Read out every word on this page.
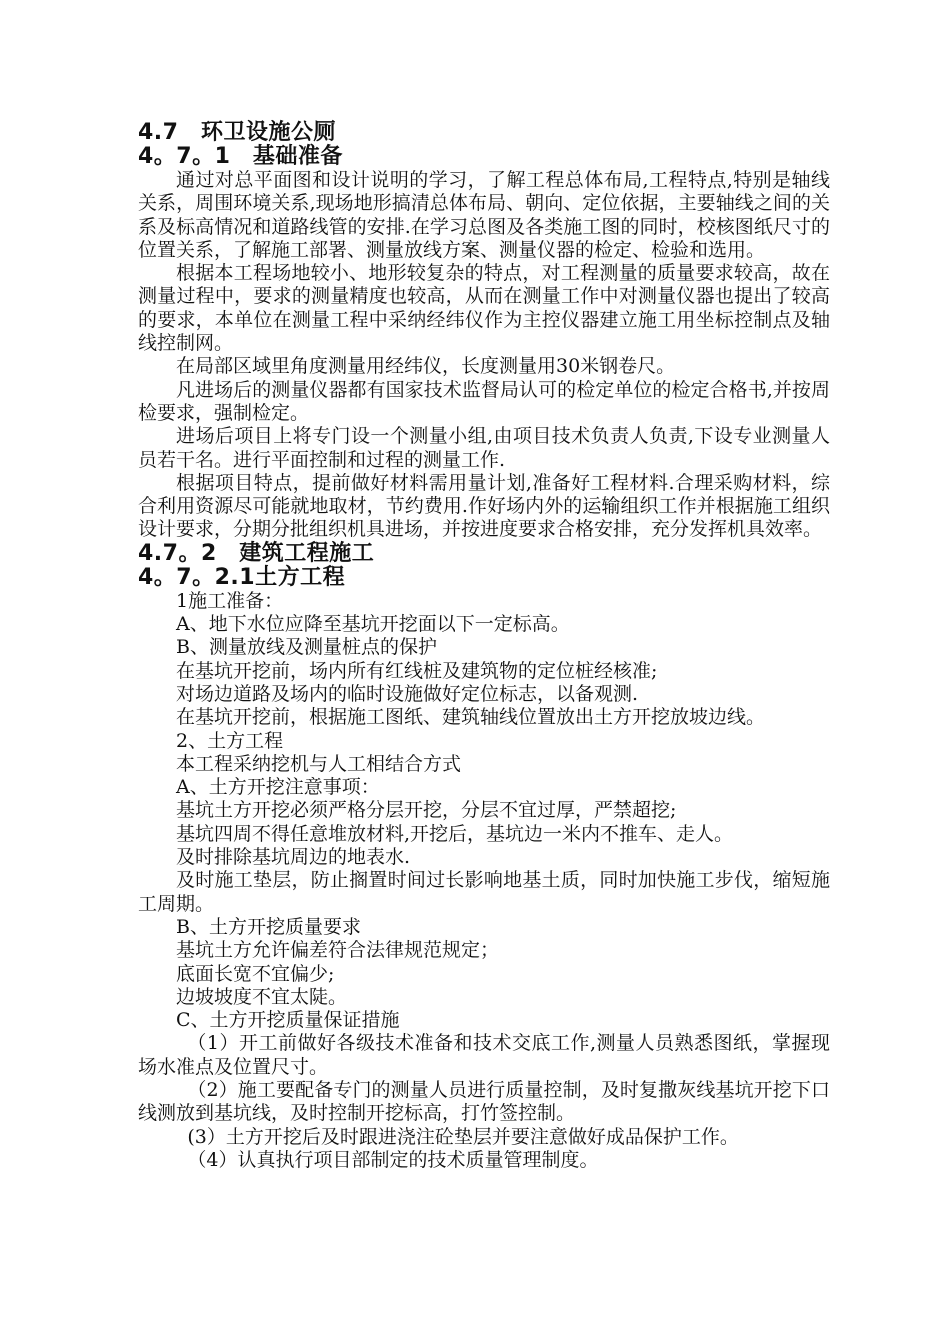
4.7　环卫设施公厕
4。7。1　基础准备

通过对总平面图和设计说明的学习，了解工程总体布局,工程特点,特别是轴线关系，周围环境关系,现场地形搞清总体布局、朝向、定位依据，主要轴线之间的关系及标高情况和道路线管的安排.在学习总图及各类施工图的同时，校核图纸尺寸的位置关系，了解施工部署、测量放线方案、测量仪器的检定、检验和选用。

根据本工程场地较小、地形较复杂的特点，对工程测量的质量要求较高，故在测量过程中，要求的测量精度也较高，从而在测量工作中对测量仪器也提出了较高的要求，本单位在测量工程中采纳经纬仪作为主控仪器建立施工用坐标控制点及轴线控制网。

在局部区域里角度测量用经纬仪，长度测量用30米钢卷尺。

凡进场后的测量仪器都有国家技术监督局认可的检定单位的检定合格书,并按周检要求，强制检定。

进场后项目上将专门设一个测量小组,由项目技术负责人负责,下设专业测量人员若干名。进行平面控制和过程的测量工作.

根据项目特点，提前做好材料需用量计划,准备好工程材料.合理采购材料，综合利用资源尽可能就地取材，节约费用.作好场内外的运输组织工作并根据施工组织设计要求，分期分批组织机具进场，并按进度要求合格安排，充分发挥机具效率。

4.7。2　建筑工程施工
4。7。2.1土方工程

1施工准备：

A、地下水位应降至基坑开挖面以下一定标高。

B、测量放线及测量桩点的保护

在基坑开挖前，场内所有红线桩及建筑物的定位桩经核准;

对场边道路及场内的临时设施做好定位标志，以备观测.

在基坑开挖前，根据施工图纸、建筑轴线位置放出土方开挖放坡边线。

2、土方工程

本工程采纳挖机与人工相结合方式

A、土方开挖注意事项：

基坑土方开挖必须严格分层开挖，分层不宜过厚，严禁超挖;

基坑四周不得任意堆放材料,开挖后，基坑边一米内不推车、走人。

及时排除基坑周边的地表水.

及时施工垫层，防止搁置时间过长影响地基土质，同时加快施工步伐，缩短施工周期。

B、土方开挖质量要求

基坑土方允许偏差符合法律规范规定；

底面长宽不宜偏少;

边坡坡度不宜太陡。

C、土方开挖质量保证措施

（1）开工前做好各级技术准备和技术交底工作,测量人员熟悉图纸，掌握现场水准点及位置尺寸。

（2）施工要配备专门的测量人员进行质量控制，及时复撒灰线基坑开挖下口线测放到基坑线，及时控制开挖标高，打竹签控制。

(3）土方开挖后及时跟进浇注砼垫层并要注意做好成品保护工作。

（4）认真执行项目部制定的技术质量管理制度。
